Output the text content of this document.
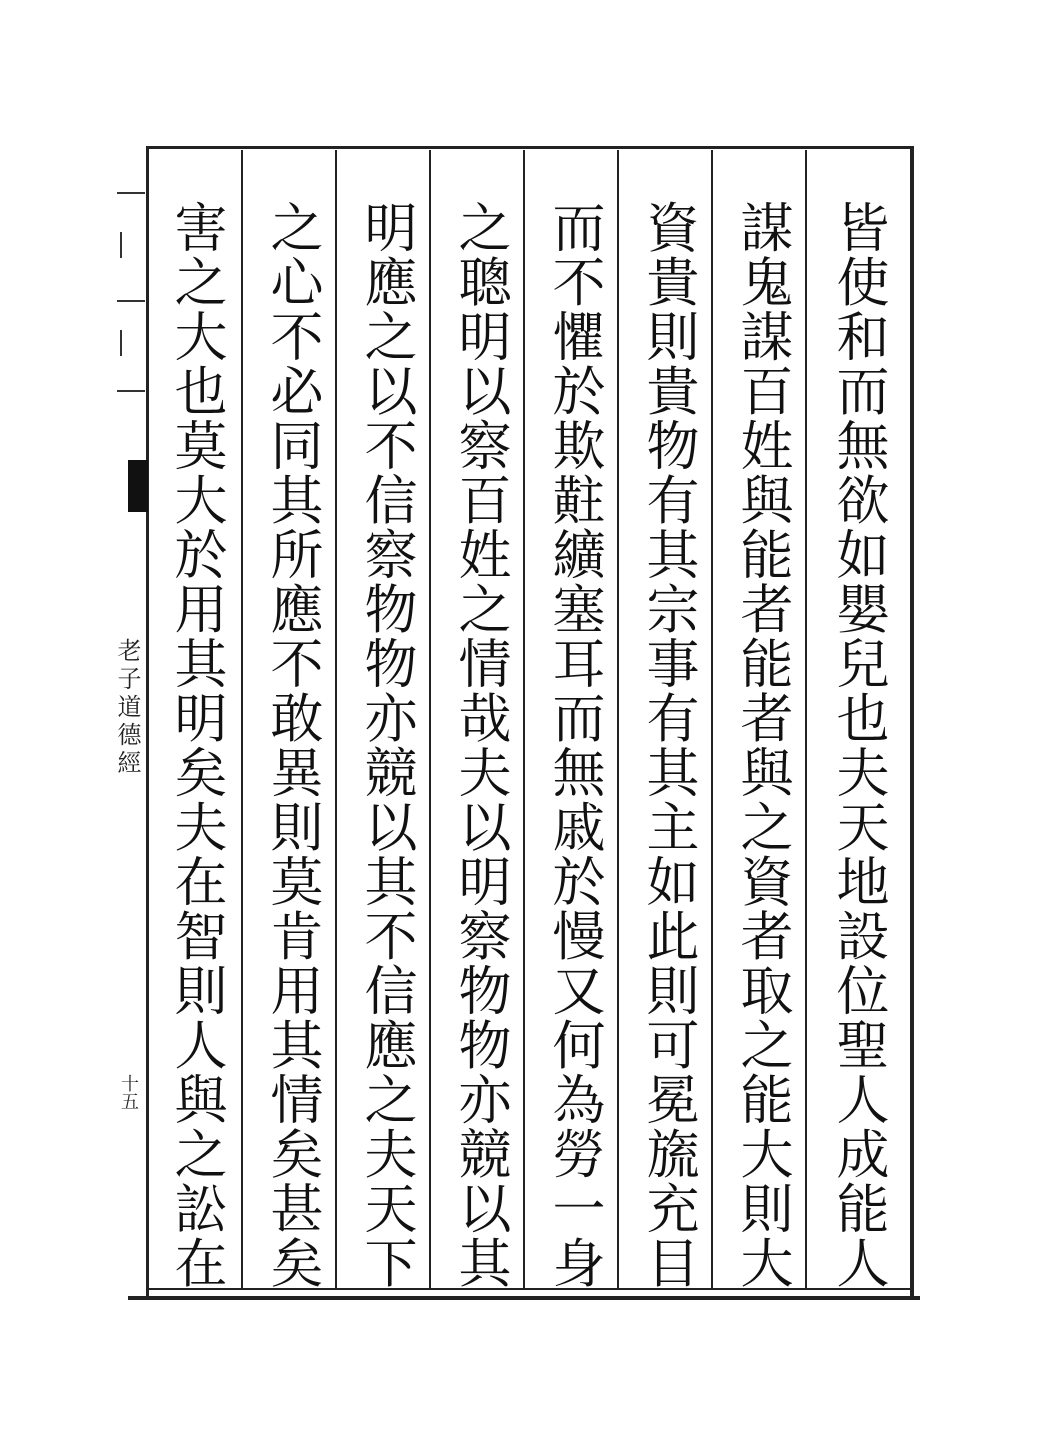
皆使和而無欲如嬰兒也夫天地設位聖人成能人
謀鬼謀百姓與能者能者與之資者取之能大則大
資貴則貴物有其宗事有其主如此則可冕旒充目
而不懼於欺黈纊塞耳而無戚於慢又何為勞一身
之聰明以察百姓之情哉夫以明察物物亦競以其
明應之以不信察物物亦競以其不信應之夫天下
之心不必同其所應不敢異則莫肯用其情矣甚矣
害之大也莫大於用其明矣夫在智則人與之訟在
老子道德經
十五
